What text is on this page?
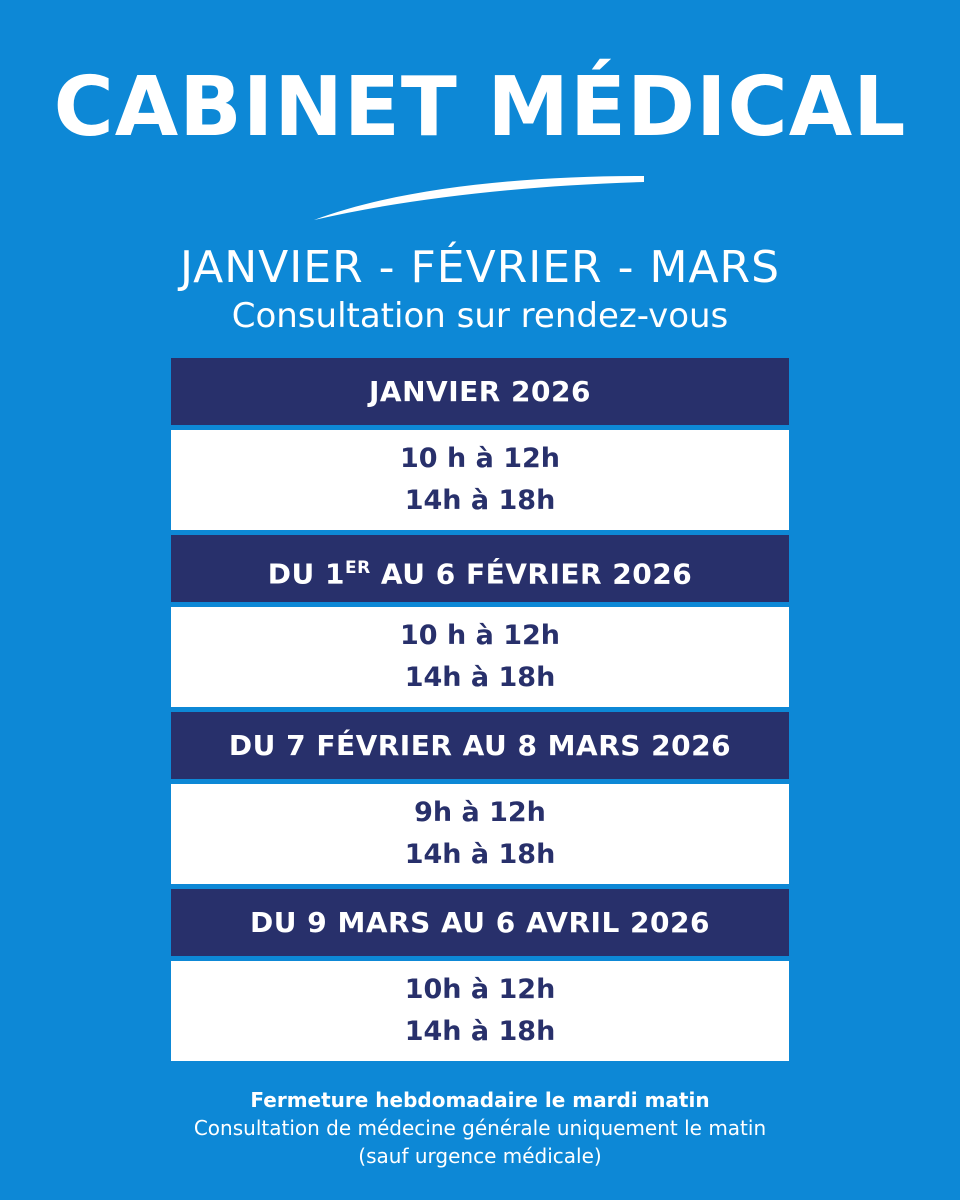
CABINET MÉDICAL

JANVIER - FÉVRIER - MARS

Consultation sur rendez-vous

JANVIER 2026
10 h à 12h
14h à 18h
DU 1ER AU 6 FÉVRIER 2026
10 h à 12h
14h à 18h
DU 7 FÉVRIER AU 8 MARS 2026
9h à 12h
14h à 18h
DU 9 MARS AU 6 AVRIL 2026
10h à 12h
14h à 18h
Fermeture hebdomadaire le mardi matin
Consultation de médecine générale uniquement le matin
(sauf urgence médicale)
